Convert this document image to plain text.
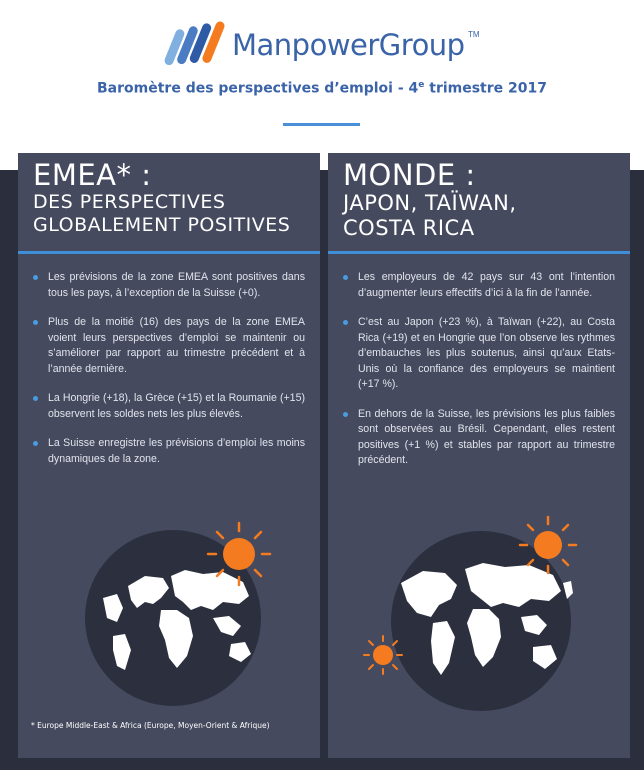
ManpowerGroup TM
Baromètre des perspectives d’emploi - 4e trimestre 2017
EMEA* :
DES PERSPECTIVES
GLOBALEMENT POSITIVES
Les prévisions de la zone EMEA sont positives dans tous les pays, à l’exception de la Suisse (+0).
Plus de la moitié (16) des pays de la zone EMEA voient leurs perspectives d’emploi se maintenir ou s’améliorer par rapport au trimestre précédent et à l’année dernière.
La Hongrie (+18), la Grèce (+15) et la Roumanie (+15) observent les soldes nets les plus élevés.
La Suisse enregistre les prévisions d’emploi les moins dynamiques de la zone.
* Europe Middle-East & Africa (Europe, Moyen-Orient & Afrique)
MONDE :
JAPON, TAÏWAN,
COSTA RICA
Les employeurs de 42 pays sur 43 ont l’intention d’augmenter leurs effectifs d’ici à la fin de l’année.
C’est au Japon (+23 %), à Taïwan (+22), au Costa Rica (+19) et en Hongrie que l’on observe les rythmes d’embauches les plus soutenus, ainsi qu’aux Etats-Unis où la confiance des employeurs se maintient (+17 %).
En dehors de la Suisse, les prévisions les plus faibles sont observées au Brésil. Cependant, elles restent positives (+1 %) et stables par rapport au trimestre précédent.
